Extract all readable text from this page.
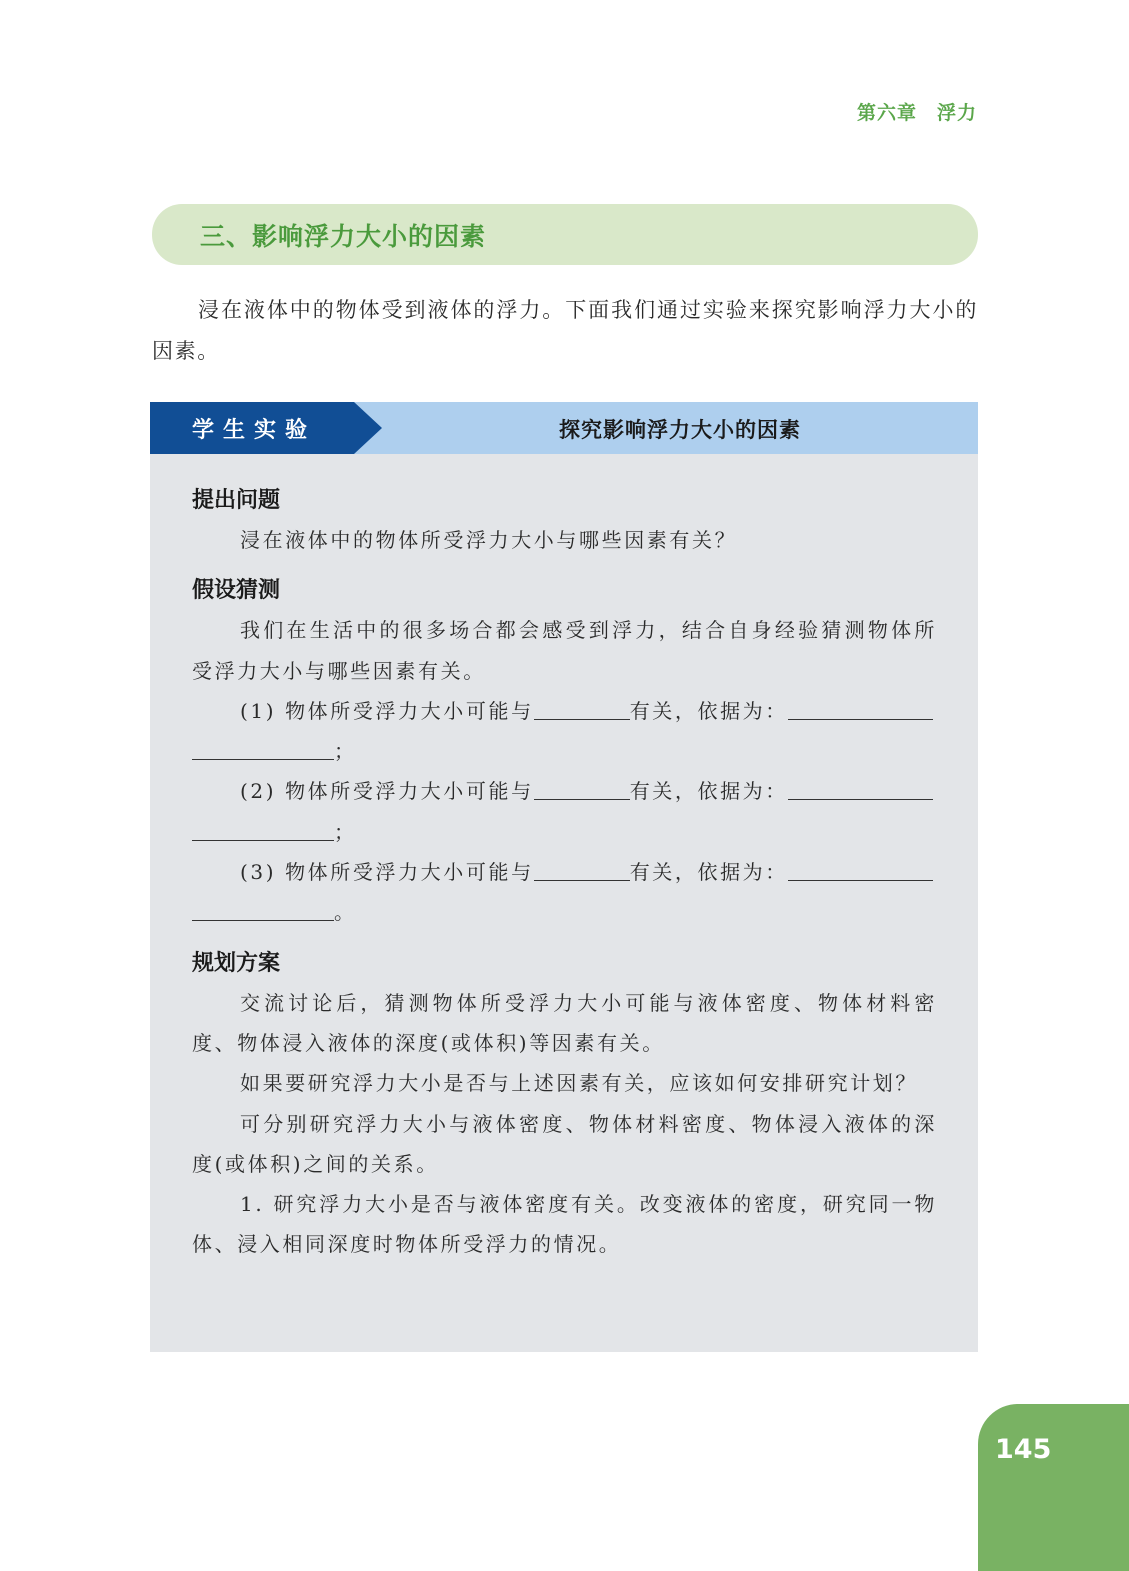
第六章　浮力
三、影响浮力大小的因素

浸在液体中的物体受到液体的浮力。下面我们通过实验来探究影响浮力大小的因素。

学生实验	探究影响浮力大小的因素
提出问题

浸在液体中的物体所受浮力大小与哪些因素有关？

假设猜测

我们在生活中的很多场合都会感受到浮力，结合自身经验猜测物体所受浮力大小与哪些因素有关。

(1) 物体所受浮力大小可能与	有关，依据为：
；
(2) 物体所受浮力大小可能与	有关，依据为：
；
(3) 物体所受浮力大小可能与	有关，依据为：
。
规划方案

交流讨论后，猜测物体所受浮力大小可能与液体密度、物体材料密度、物体浸入液体的深度(或体积)等因素有关。

如果要研究浮力大小是否与上述因素有关，应该如何安排研究计划？

可分别研究浮力大小与液体密度、物体材料密度、物体浸入液体的深度(或体积)之间的关系。

1. 研究浮力大小是否与液体密度有关。改变液体的密度，研究同一物体、浸入相同深度时物体所受浮力的情况。

145
